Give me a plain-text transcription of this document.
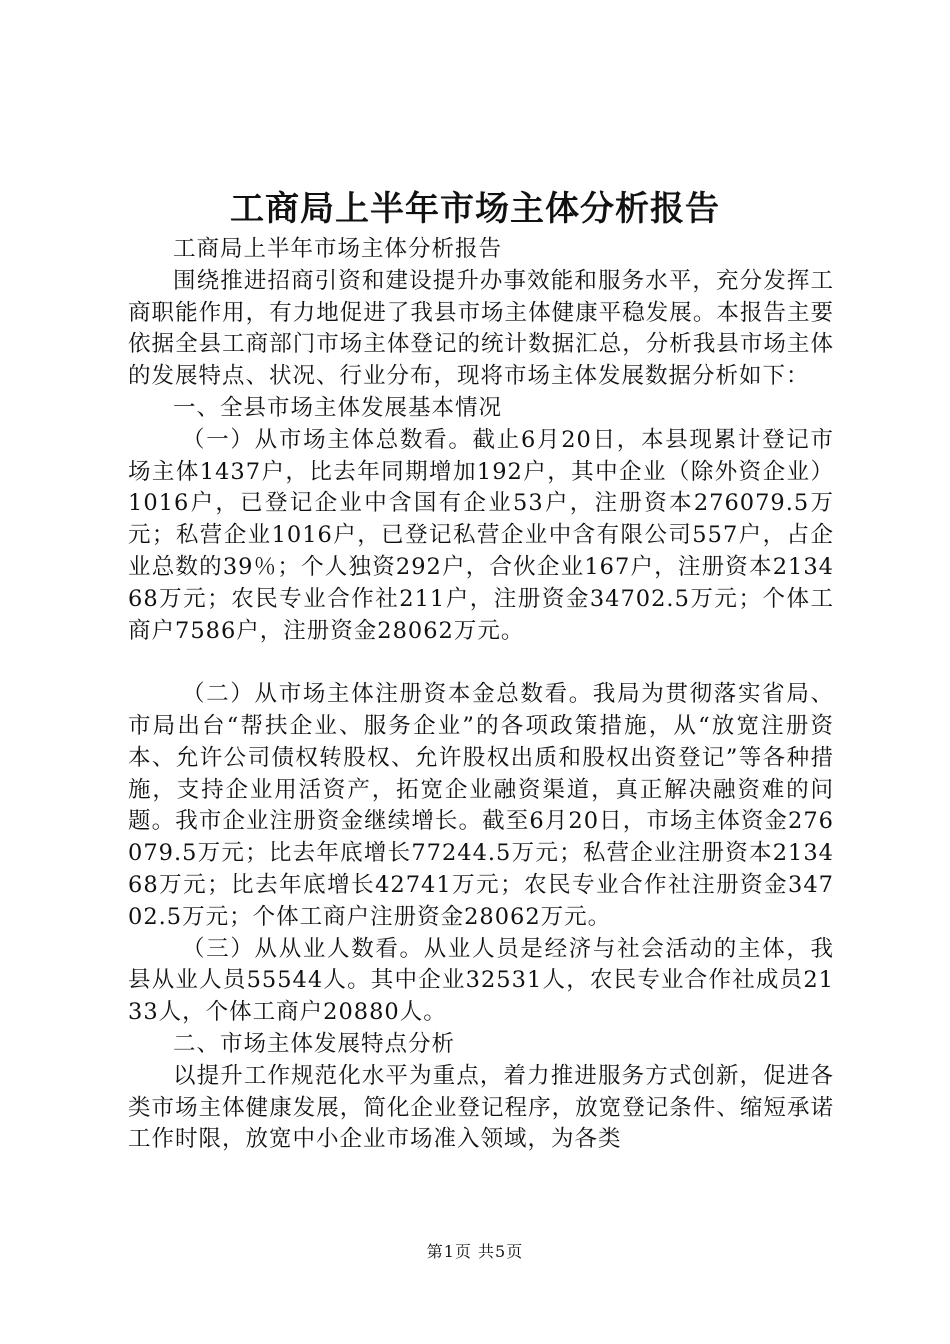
工商局上半年市场主体分析报告

工商局上半年市场主体分析报告

围绕推进招商引资和建设提升办事效能和服务水平，充分发挥工商职能作用，有力地促进了我县市场主体健康平稳发展。本报告主要依据全县工商部门市场主体登记的统计数据汇总，分析我县市场主体的发展特点、状况、行业分布，现将市场主体发展数据分析如下：

一、全县市场主体发展基本情况

（一）从市场主体总数看。截止6月20日，本县现累计登记市场主体1437户，比去年同期增加192户，其中企业（除外资企业）1016户，已登记企业中含国有企业53户，注册资本276079.5万元；私营企业1016户，已登记私营企业中含有限公司557户，占企业总数的39％；个人独资292户，合伙企业167户，注册资本213468万元；农民专业合作社211户，注册资金34702.5万元；个体工商户7586户，注册资金28062万元。

（二）从市场主体注册资本金总数看。我局为贯彻落实省局、市局出台“帮扶企业、服务企业”的各项政策措施，从“放宽注册资本、允许公司债权转股权、允许股权出质和股权出资登记”等各种措施，支持企业用活资产，拓宽企业融资渠道，真正解决融资难的问题。我市企业注册资金继续增长。截至6月20日，市场主体资金276079.5万元；比去年底增长77244.5万元；私营企业注册资本213468万元；比去年底增长42741万元；农民专业合作社注册资金34702.5万元；个体工商户注册资金28062万元。

（三）从从业人数看。从业人员是经济与社会活动的主体，我县从业人员55544人。其中企业32531人，农民专业合作社成员2133人，个体工商户20880人。

二、市场主体发展特点分析

以提升工作规范化水平为重点，着力推进服务方式创新，促进各类市场主体健康发展，简化企业登记程序，放宽登记条件、缩短承诺工作时限，放宽中小企业市场准入领域，为各类

第1页 共5页
